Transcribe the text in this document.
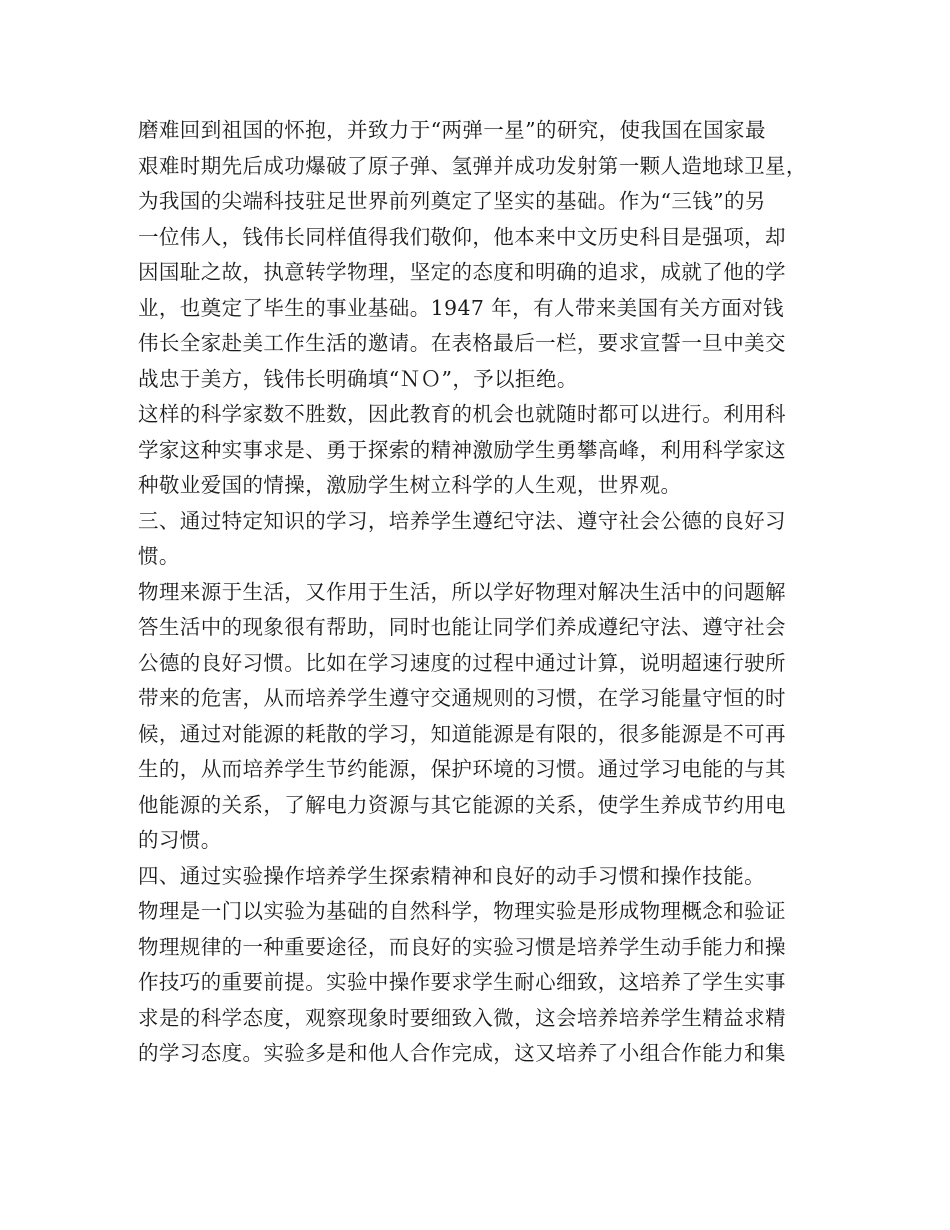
磨难回到祖国的怀抱，并致力于“两弹一星”的研究，使我国在国家最
艰难时期先后成功爆破了原子弹、氢弹并成功发射第一颗人造地球卫星，
为我国的尖端科技驻足世界前列奠定了坚实的基础。作为“三钱”的另
一位伟人，钱伟长同样值得我们敬仰，他本来中文历史科目是强项，却
因国耻之故，执意转学物理，坚定的态度和明确的追求，成就了他的学
业，也奠定了毕生的事业基础。1947 年，有人带来美国有关方面对钱
伟长全家赴美工作生活的邀请。在表格最后一栏，要求宣誓一旦中美交
战忠于美方，钱伟长明确填“ＮＯ”，予以拒绝。
这样的科学家数不胜数，因此教育的机会也就随时都可以进行。利用科
学家这种实事求是、勇于探索的精神激励学生勇攀高峰，利用科学家这
种敬业爱国的情操，激励学生树立科学的人生观，世界观。
三、通过特定知识的学习，培养学生遵纪守法、遵守社会公德的良好习
惯。
物理来源于生活，又作用于生活，所以学好物理对解决生活中的问题解
答生活中的现象很有帮助，同时也能让同学们养成遵纪守法、遵守社会
公德的良好习惯。比如在学习速度的过程中通过计算，说明超速行驶所
带来的危害，从而培养学生遵守交通规则的习惯，在学习能量守恒的时
候，通过对能源的耗散的学习，知道能源是有限的，很多能源是不可再
生的，从而培养学生节约能源，保护环境的习惯。通过学习电能的与其
他能源的关系，了解电力资源与其它能源的关系，使学生养成节约用电
的习惯。
四、通过实验操作培养学生探索精神和良好的动手习惯和操作技能。
物理是一门以实验为基础的自然科学，物理实验是形成物理概念和验证
物理规律的一种重要途径，而良好的实验习惯是培养学生动手能力和操
作技巧的重要前提。实验中操作要求学生耐心细致，这培养了学生实事
求是的科学态度，观察现象时要细致入微，这会培养培养学生精益求精
的学习态度。实验多是和他人合作完成，这又培养了小组合作能力和集
